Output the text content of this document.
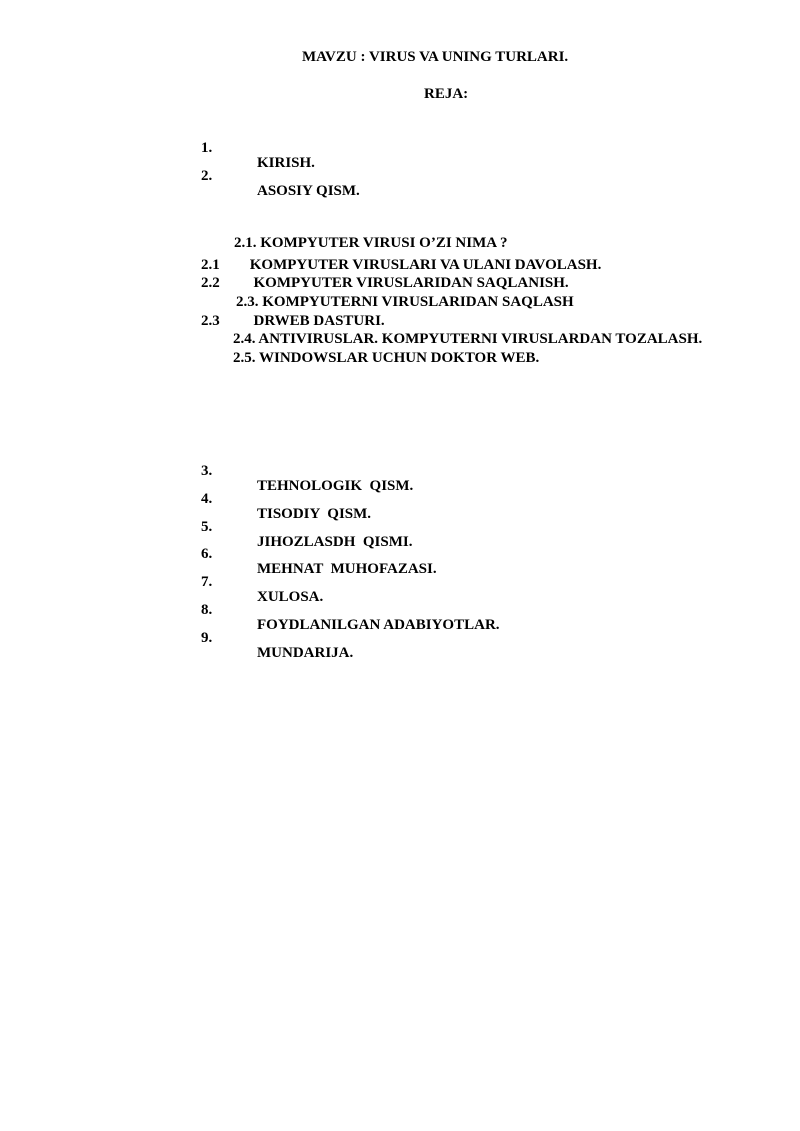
MAVZU : VIRUS VA UNING TURLARI.
REJA:

1.

KIRISH.

2.

ASOSIY QISM.

2.1. KOMPYUTER VIRUSI O’ZI NIMA ?
2.1        KOMPYUTER VIRUSLARI VA ULANI DAVOLASH.
2.2         KOMPYUTER VIRUSLARIDAN SAQLANISH.
2.3. KOMPYUTERNI VIRUSLARIDAN SAQLASH
2.3         DRWEB DASTURI.
2.4. ANTIVIRUSLAR. KOMPYUTERNI VIRUSLARDAN TOZALASH.
2.5. WINDOWSLAR UCHUN DOKTOR WEB.

3.

TEHNOLOGIK  QISM.

4.

TISODIY  QISM.

5.

JIHOZLASDH  QISMI.

6.

MEHNAT  MUHOFAZASI.

7.

XULOSA.

8.

FOYDLANILGAN ADABIYOTLAR.

9.

MUNDARIJA.
